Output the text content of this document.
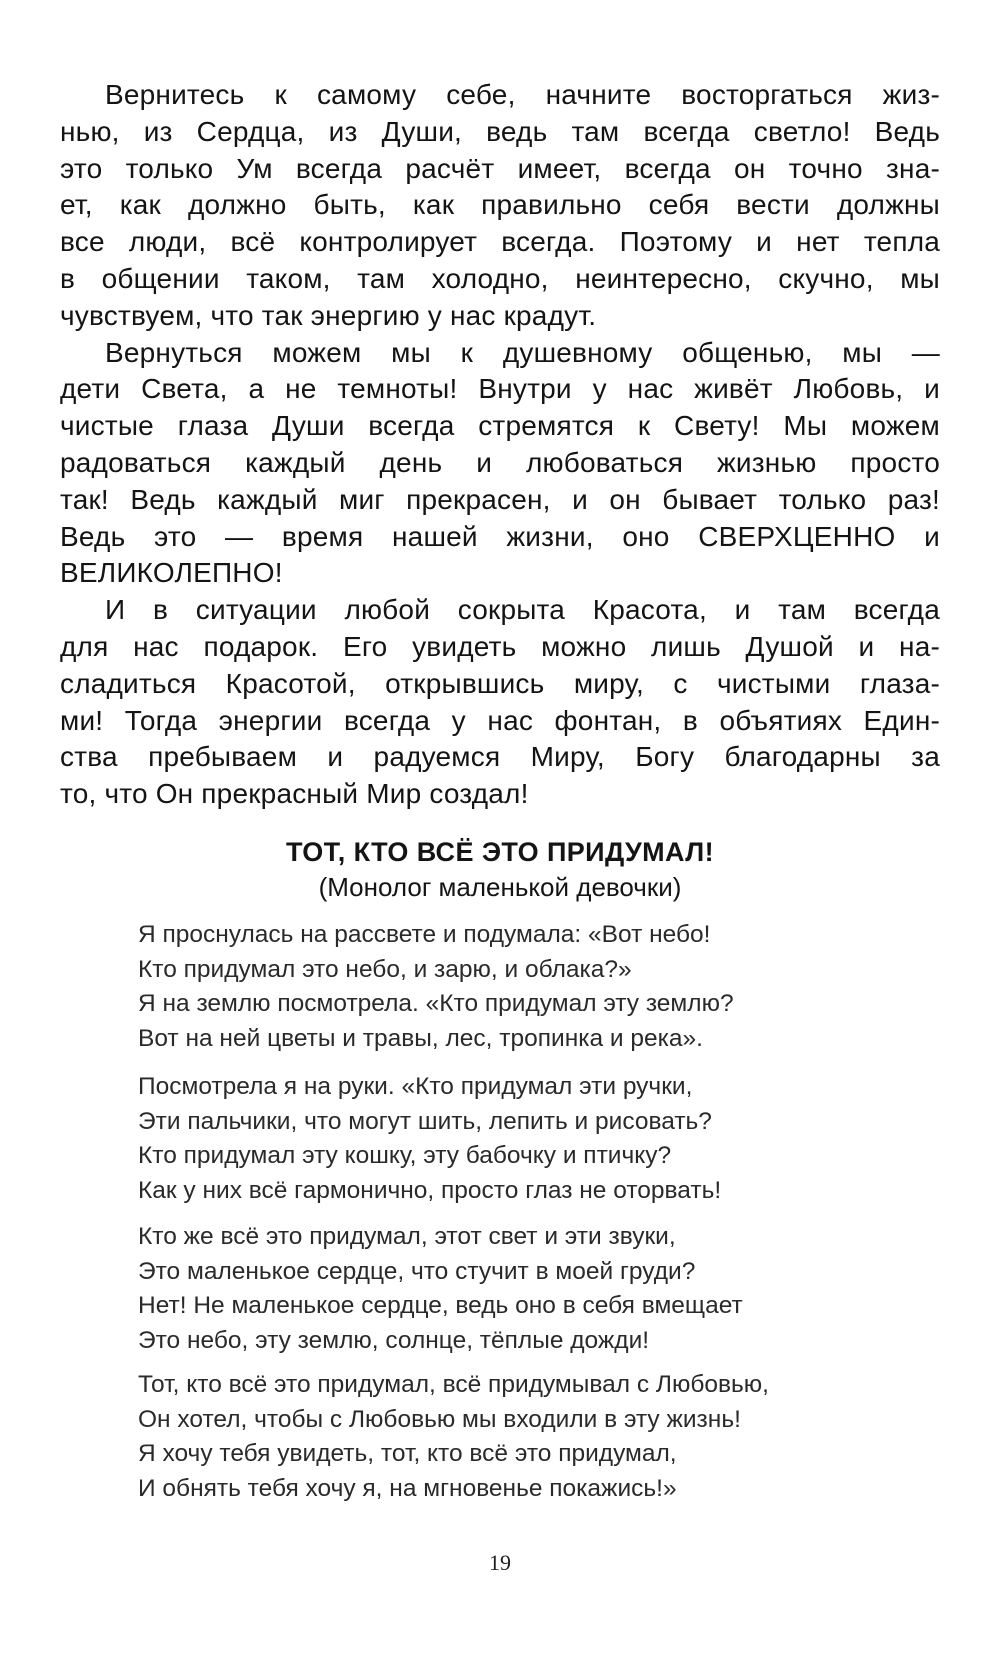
Вернитесь к самому себе, начните восторгаться жиз-
нью, из Сердца, из Души, ведь там всегда светло! Ведь
это только Ум всегда расчёт имеет, всегда он точно зна-
ет, как должно быть, как правильно себя вести должны
все люди, всё контролирует всегда. Поэтому и нет тепла
в общении таком, там холодно, неинтересно, скучно, мы
чувствуем, что так энергию у нас крадут.
Вернуться можем мы к душевному общенью, мы —
дети Света, а не темноты! Внутри у нас живёт Любовь, и
чистые глаза Души всегда стремятся к Свету! Мы можем
радоваться каждый день и любоваться жизнью просто
так! Ведь каждый миг прекрасен, и он бывает только раз!
Ведь это — время нашей жизни, оно СВЕРХЦЕННО и
ВЕЛИКОЛЕПНО!
И в ситуации любой сокрыта Красота, и там всегда
для нас подарок. Его увидеть можно лишь Душой и на-
сладиться Красотой, открывшись миру, с чистыми глаза-
ми! Тогда энергии всегда у нас фонтан, в объятиях Един-
ства пребываем и радуемся Миру, Богу благодарны за
то, что Он прекрасный Мир создал!
ТОТ, КТО ВСЁ ЭТО ПРИДУМАЛ!
(Монолог маленькой девочки)
Я проснулась на рассвете и подумала: «Вот небо!
Кто придумал это небо, и зарю, и облака?»
Я на землю посмотрела. «Кто придумал эту землю?
Вот на ней цветы и травы, лес, тропинка и река».
Посмотрела я на руки. «Кто придумал эти ручки,
Эти пальчики, что могут шить, лепить и рисовать?
Кто придумал эту кошку, эту бабочку и птичку?
Как у них всё гармонично, просто глаз не оторвать!
Кто же всё это придумал, этот свет и эти звуки,
Это маленькое сердце, что стучит в моей груди?
Нет! Не маленькое сердце, ведь оно в себя вмещает
Это небо, эту землю, солнце, тёплые дожди!
Тот, кто всё это придумал, всё придумывал с Любовью,
Он хотел, чтобы с Любовью мы входили в эту жизнь!
Я хочу тебя увидеть, тот, кто всё это придумал,
И обнять тебя хочу я, на мгновенье покажись!»
19
